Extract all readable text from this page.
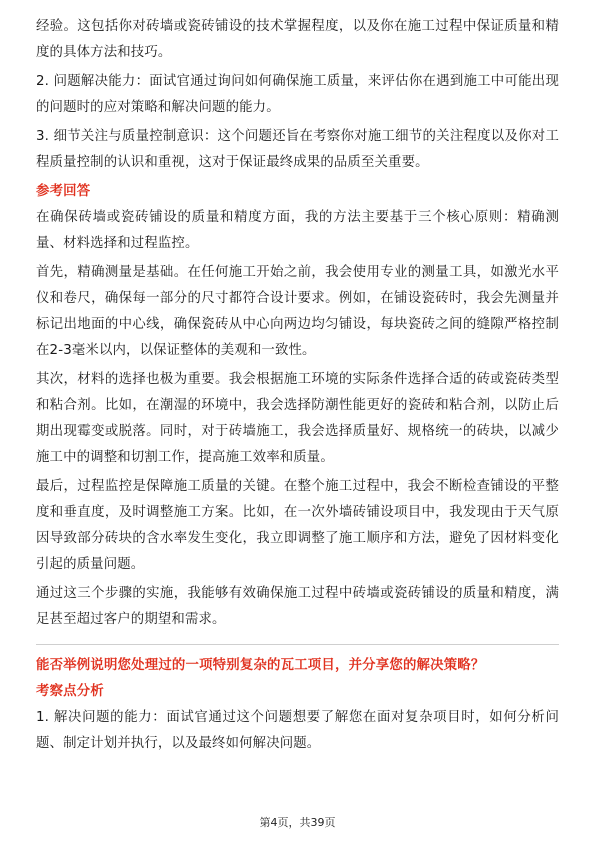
经验。这包括你对砖墙或瓷砖铺设的技术掌握程度，以及你在施工过程中保证质量和精度的具体方法和技巧。

2. 问题解决能力：面试官通过询问如何确保施工质量，来评估你在遇到施工中可能出现的问题时的应对策略和解决问题的能力。

3. 细节关注与质量控制意识：这个问题还旨在考察你对施工细节的关注程度以及你对工程质量控制的认识和重视，这对于保证最终成果的品质至关重要。

参考回答

在确保砖墙或瓷砖铺设的质量和精度方面，我的方法主要基于三个核心原则：精确测量、材料选择和过程监控。

首先，精确测量是基础。在任何施工开始之前，我会使用专业的测量工具，如激光水平仪和卷尺，确保每一部分的尺寸都符合设计要求。例如，在铺设瓷砖时，我会先测量并标记出地面的中心线，确保瓷砖从中心向两边均匀铺设，每块瓷砖之间的缝隙严格控制在2-3毫米以内，以保证整体的美观和一致性。

其次，材料的选择也极为重要。我会根据施工环境的实际条件选择合适的砖或瓷砖类型和粘合剂。比如，在潮湿的环境中，我会选择防潮性能更好的瓷砖和粘合剂，以防止后期出现霉变或脱落。同时，对于砖墙施工，我会选择质量好、规格统一的砖块，以减少施工中的调整和切割工作，提高施工效率和质量。

最后，过程监控是保障施工质量的关键。在整个施工过程中，我会不断检查铺设的平整度和垂直度，及时调整施工方案。比如，在一次外墙砖铺设项目中，我发现由于天气原因导致部分砖块的含水率发生变化，我立即调整了施工顺序和方法，避免了因材料变化引起的质量问题。

通过这三个步骤的实施，我能够有效确保施工过程中砖墙或瓷砖铺设的质量和精度，满足甚至超过客户的期望和需求。

能否举例说明您处理过的一项特别复杂的瓦工项目，并分享您的解决策略？
考察点分析

1. 解决问题的能力：面试官通过这个问题想要了解您在面对复杂项目时，如何分析问题、制定计划并执行，以及最终如何解决问题。

第4页，共39页
